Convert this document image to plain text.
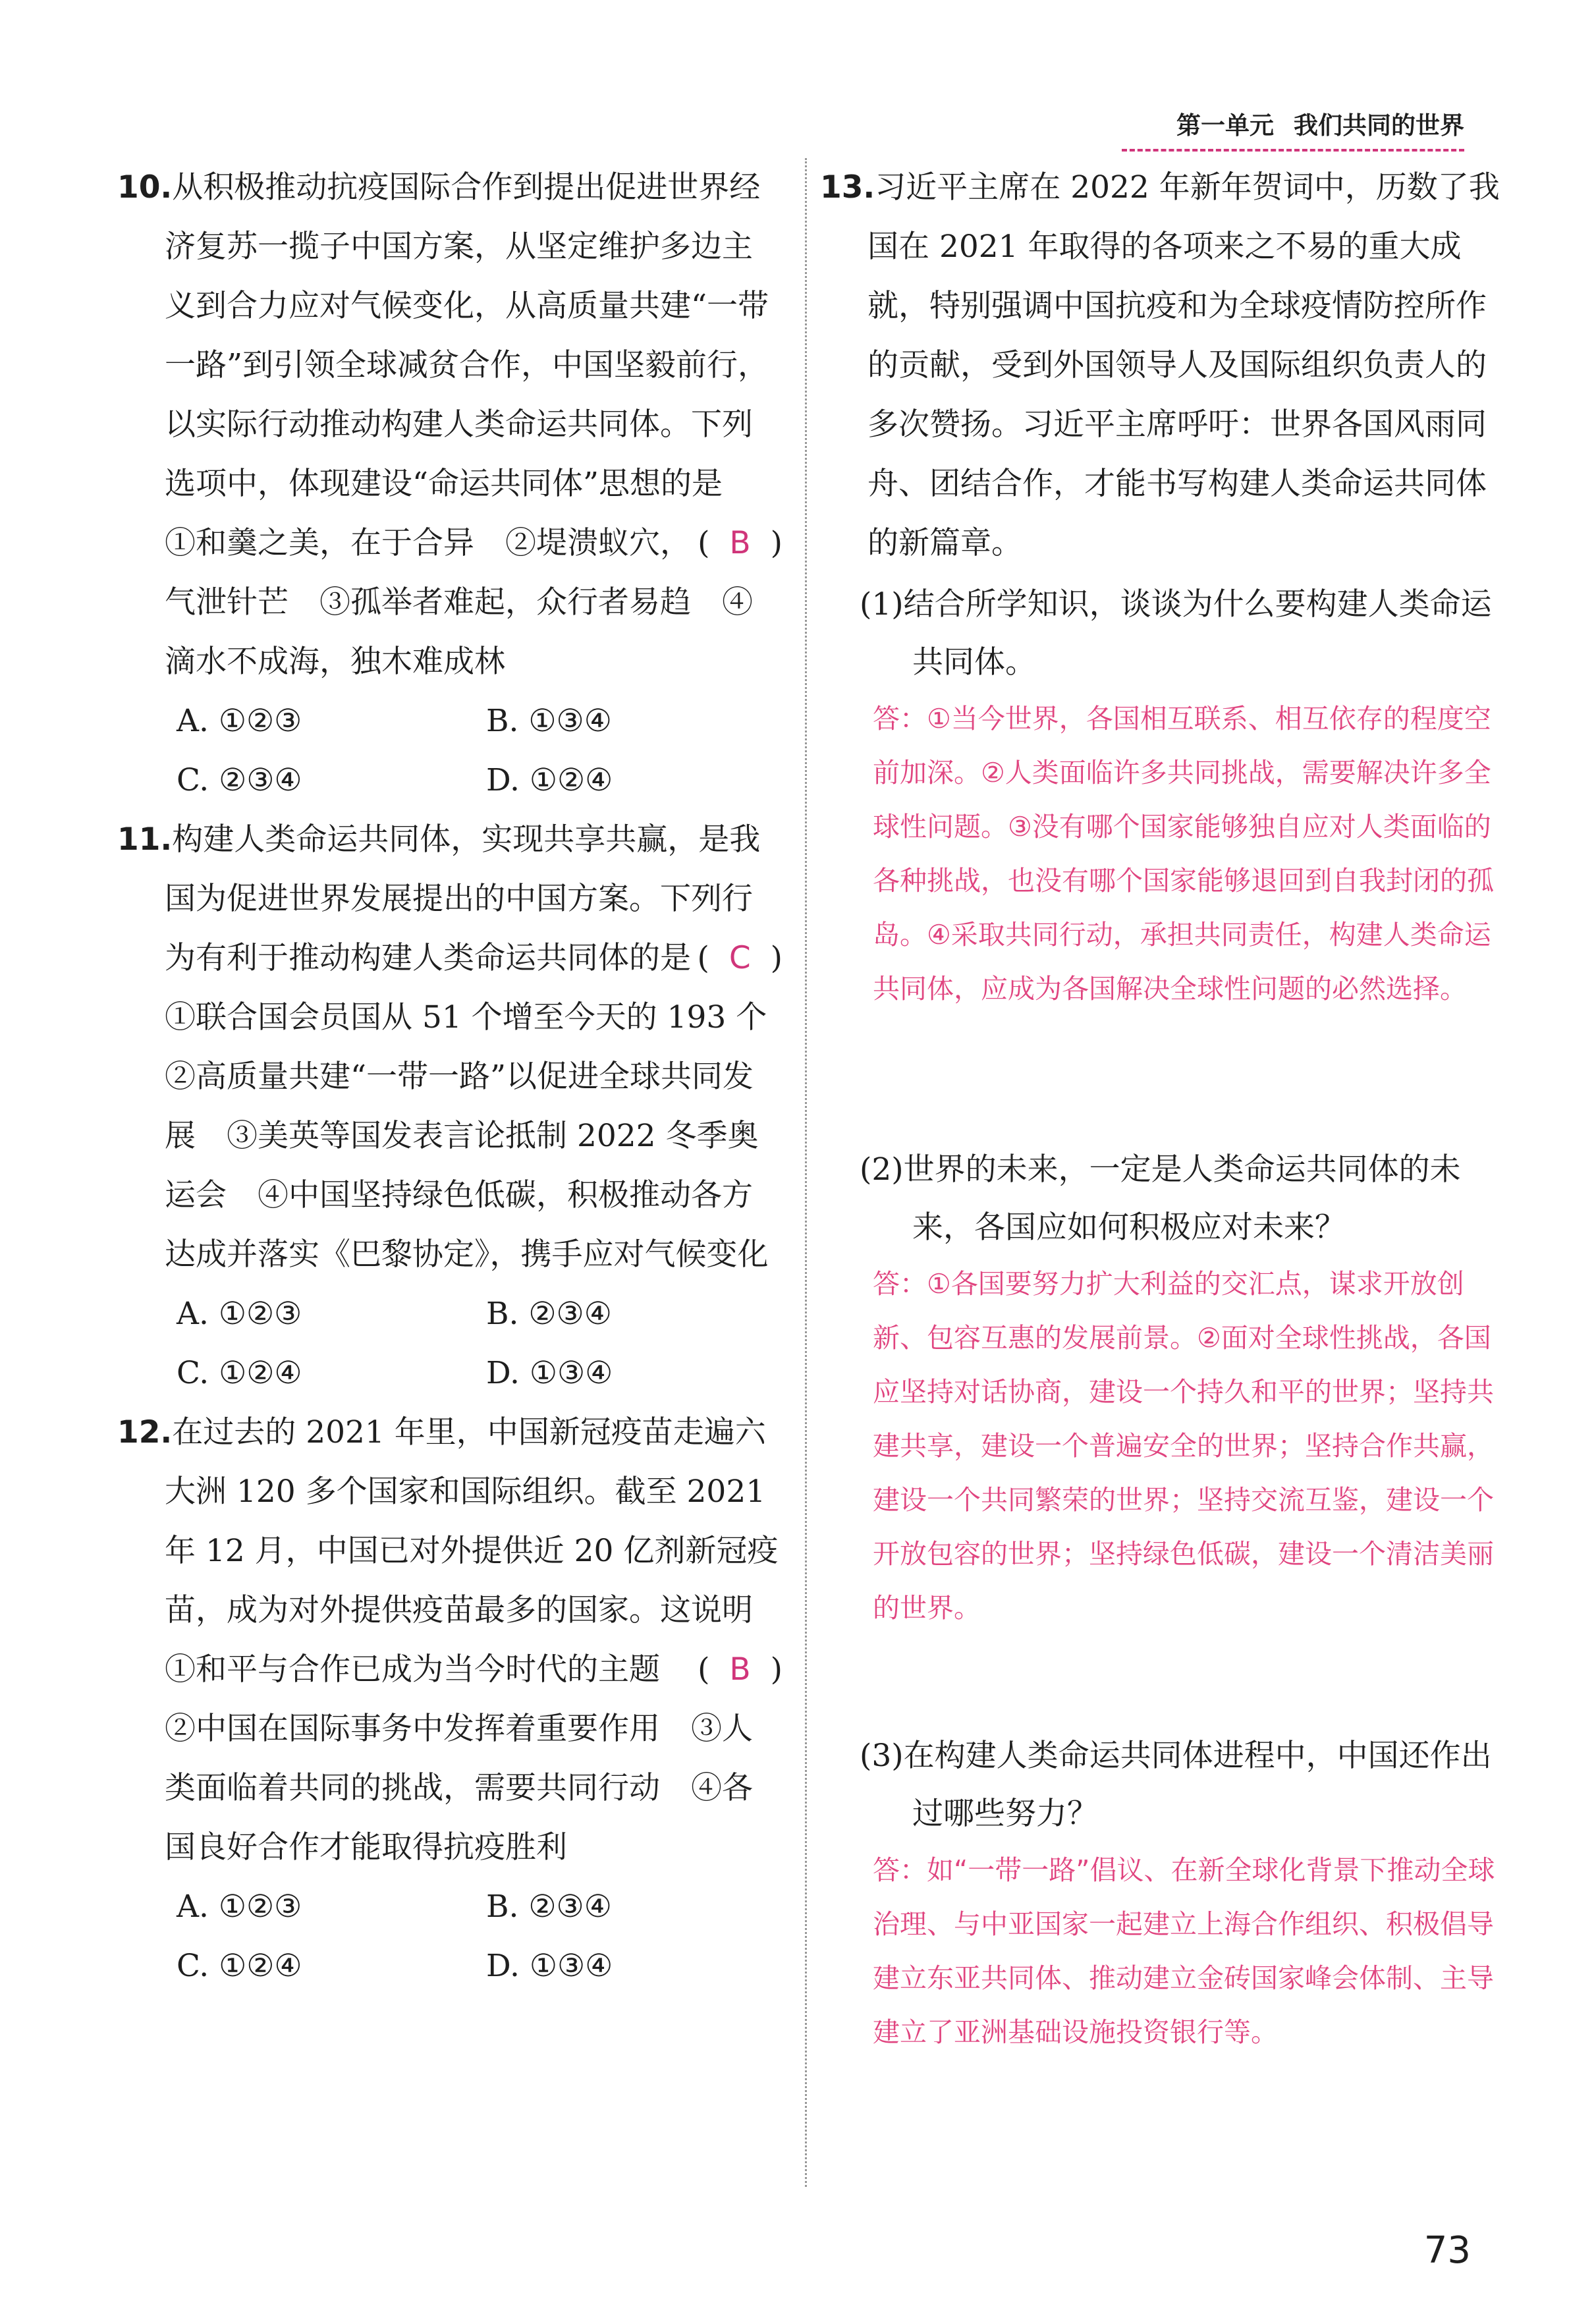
第一单元 我们共同的世界

10.从积极推动抗疫国际合作到提出促进世界经济复苏一揽子中国方案，从坚定维护多边主义到合力应对气候变化，从高质量共建“一带一路”到引领全球减贫合作，中国坚毅前行，以实际行动推动构建人类命运共同体。下列选项中，体现建设“命运共同体”思想的是
( B )

①和羹之美，在于合异　②堤溃蚁穴，气泄针芒　③孤举者难起，众行者易趋　④滴水不成海，独木难成林

A. ①②③	B. ①③④
C. ②③④	D. ①②④

11.构建人类命运共同体，实现共享共赢，是我国为促进世界发展提出的中国方案。下列行为有利于推动构建人类命运共同体的是 ( C )

①联合国会员国从 51 个增至今天的 193 个　②高质量共建“一带一路”以促进全球共同发展　③美英等国发表言论抵制 2022 冬季奥运会　④中国坚持绿色低碳，积极推动各方达成并落实《巴黎协定》，携手应对气候变化

A. ①②③	B. ②③④
C. ①②④	D. ①③④

12.在过去的 2021 年里，中国新冠疫苗走遍六大洲 120 多个国家和国际组织。截至 2021 年 12 月，中国已对外提供近 20 亿剂新冠疫苗，成为对外提供疫苗最多的国家。这说明
( B )

①和平与合作已成为当今时代的主题　②中国在国际事务中发挥着重要作用　③人类面临着共同的挑战，需要共同行动　④各国良好合作才能取得抗疫胜利

A. ①②③	B. ②③④
C. ①②④	D. ①③④

13.习近平主席在 2022 年新年贺词中，历数了我国在 2021 年取得的各项来之不易的重大成就，特别强调中国抗疫和为全球疫情防控所作的贡献，受到外国领导人及国际组织负责人的多次赞扬。习近平主席呼吁：世界各国风雨同舟、团结合作，才能书写构建人类命运共同体的新篇章。

(1)结合所学知识，谈谈为什么要构建人类命运共同体。

答：①当今世界，各国相互联系、相互依存的程度空前加深。②人类面临许多共同挑战，需要解决许多全球性问题。③没有哪个国家能够独自应对人类面临的各种挑战，也没有哪个国家能够退回到自我封闭的孤岛。④采取共同行动，承担共同责任，构建人类命运共同体，应成为各国解决全球性问题的必然选择。

(2)世界的未来，一定是人类命运共同体的未来，各国应如何积极应对未来？

答：①各国要努力扩大利益的交汇点，谋求开放创新、包容互惠的发展前景。②面对全球性挑战，各国应坚持对话协商，建设一个持久和平的世界；坚持共建共享，建设一个普遍安全的世界；坚持合作共赢，建设一个共同繁荣的世界；坚持交流互鉴，建设一个开放包容的世界；坚持绿色低碳，建设一个清洁美丽的世界。

(3)在构建人类命运共同体进程中，中国还作出过哪些努力？

答：如“一带一路”倡议、在新全球化背景下推动全球治理、与中亚国家一起建立上海合作组织、积极倡导建立东亚共同体、推动建立金砖国家峰会体制、主导建立了亚洲基础设施投资银行等。

73
